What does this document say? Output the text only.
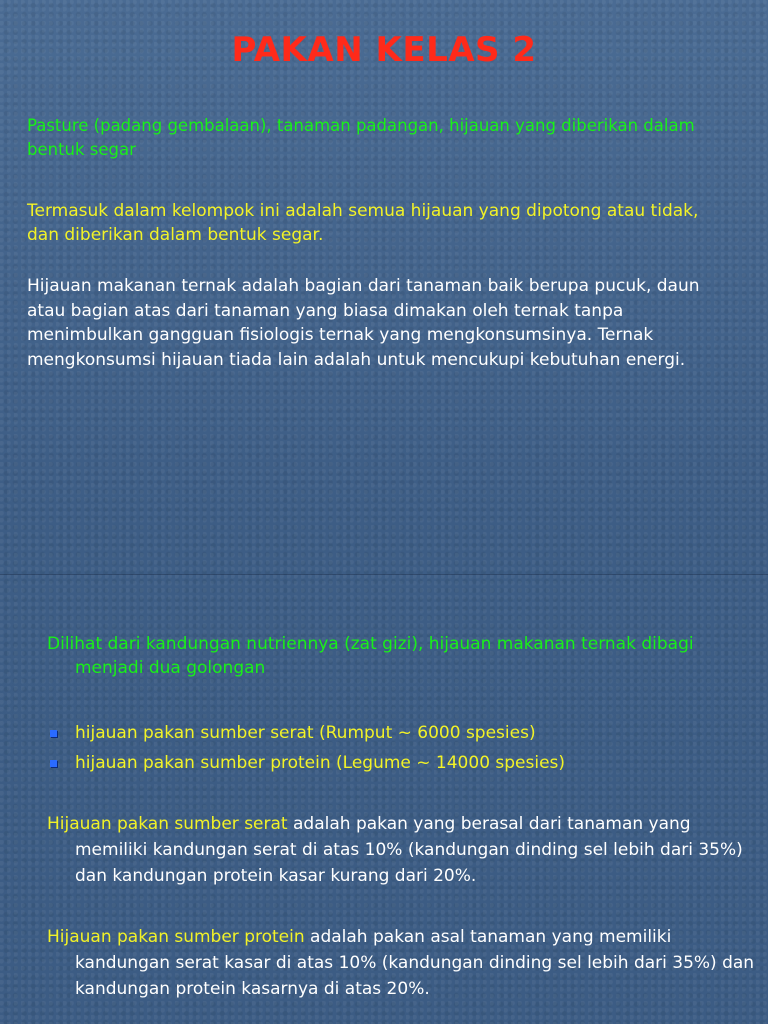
PAKAN KELAS 2

Pasture (padang gembalaan), tanaman padangan, hijauan yang diberikan dalam bentuk segar

Termasuk dalam kelompok ini adalah semua hijauan yang dipotong atau tidak, dan diberikan dalam bentuk segar.

Hijauan makanan ternak adalah bagian dari tanaman baik berupa pucuk, daun atau bagian atas dari tanaman yang biasa dimakan oleh ternak tanpa menimbulkan gangguan fisiologis ternak yang mengkonsumsinya. Ternak mengkonsumsi hijauan tiada lain adalah untuk mencukupi kebutuhan energi.

Dilihat dari kandungan nutriennya (zat gizi), hijauan makanan ternak dibagi menjadi dua golongan

hijauan pakan sumber serat (Rumput ~ 6000 spesies)
hijauan pakan sumber protein (Legume ~ 14000 spesies)

Hijauan pakan sumber serat adalah pakan yang berasal dari tanaman yang memiliki kandungan serat di atas 10% (kandungan dinding sel lebih dari 35%) dan kandungan protein kasar kurang dari 20%.

Hijauan pakan sumber protein adalah pakan asal tanaman yang memiliki kandungan serat kasar di atas 10% (kandungan dinding sel lebih dari 35%) dan kandungan protein kasarnya di atas 20%.
